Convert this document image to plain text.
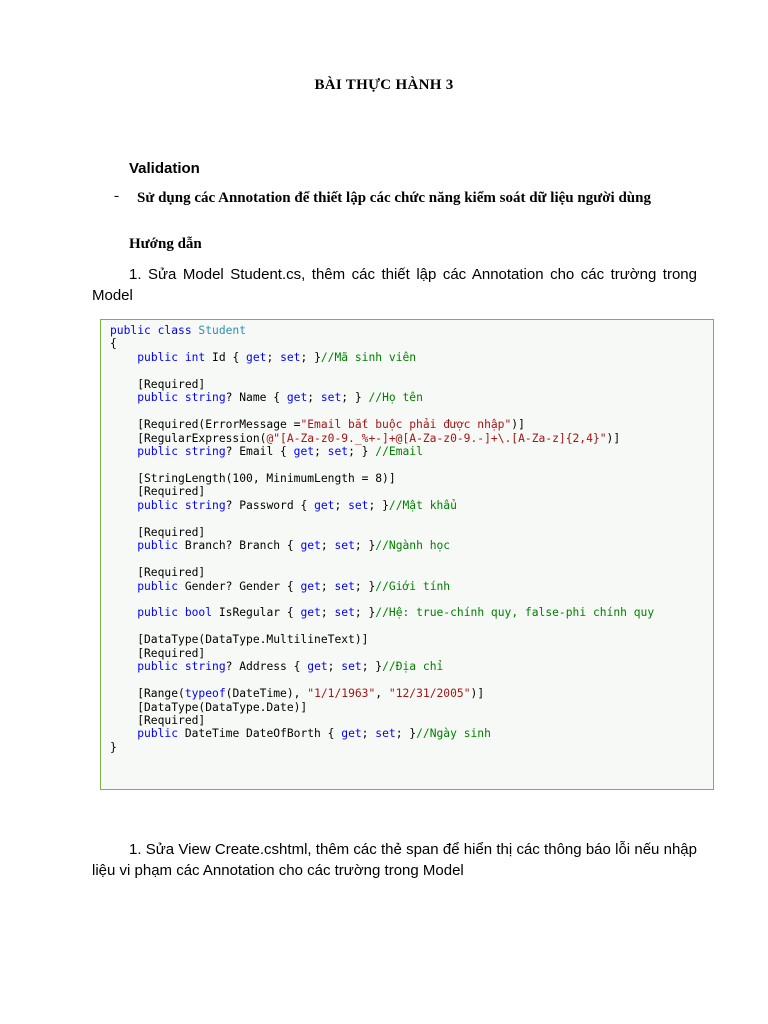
BÀI THỰC HÀNH 3
Validation
- Sử dụng các Annotation để thiết lập các chức năng kiểm soát dữ liệu người dùng
Hướng dẫn
1. Sửa Model Student.cs, thêm các thiết lập các Annotation cho các trường trong Model
public class Student
{
public int Id { get; set; }//Mã sinh viên
[Required]
public string? Name { get; set; } //Họ tên
[Required(ErrorMessage ="Email bắt buộc phải được nhập")]
[RegularExpression(@"[A-Za-z0-9._%+-]+@[A-Za-z0-9.-]+\.[A-Za-z]{2,4}")]
public string? Email { get; set; } //Email
[StringLength(100, MinimumLength = 8)]
[Required]
public string? Password { get; set; }//Mật khẩu
[Required]
public Branch? Branch { get; set; }//Ngành học
[Required]
public Gender? Gender { get; set; }//Giới tính
public bool IsRegular { get; set; }//Hệ: true-chính quy, false-phi chính quy
[DataType(DataType.MultilineText)]
[Required]
public string? Address { get; set; }//Địa chỉ
[Range(typeof(DateTime), "1/1/1963", "12/31/2005")]
[DataType(DataType.Date)]
[Required]
public DateTime DateOfBorth { get; set; }//Ngày sinh
}
1. Sửa View Create.cshtml, thêm các thẻ span để hiển thị các thông báo lỗi nếu nhập liệu vi phạm các Annotation cho các trường trong Model
